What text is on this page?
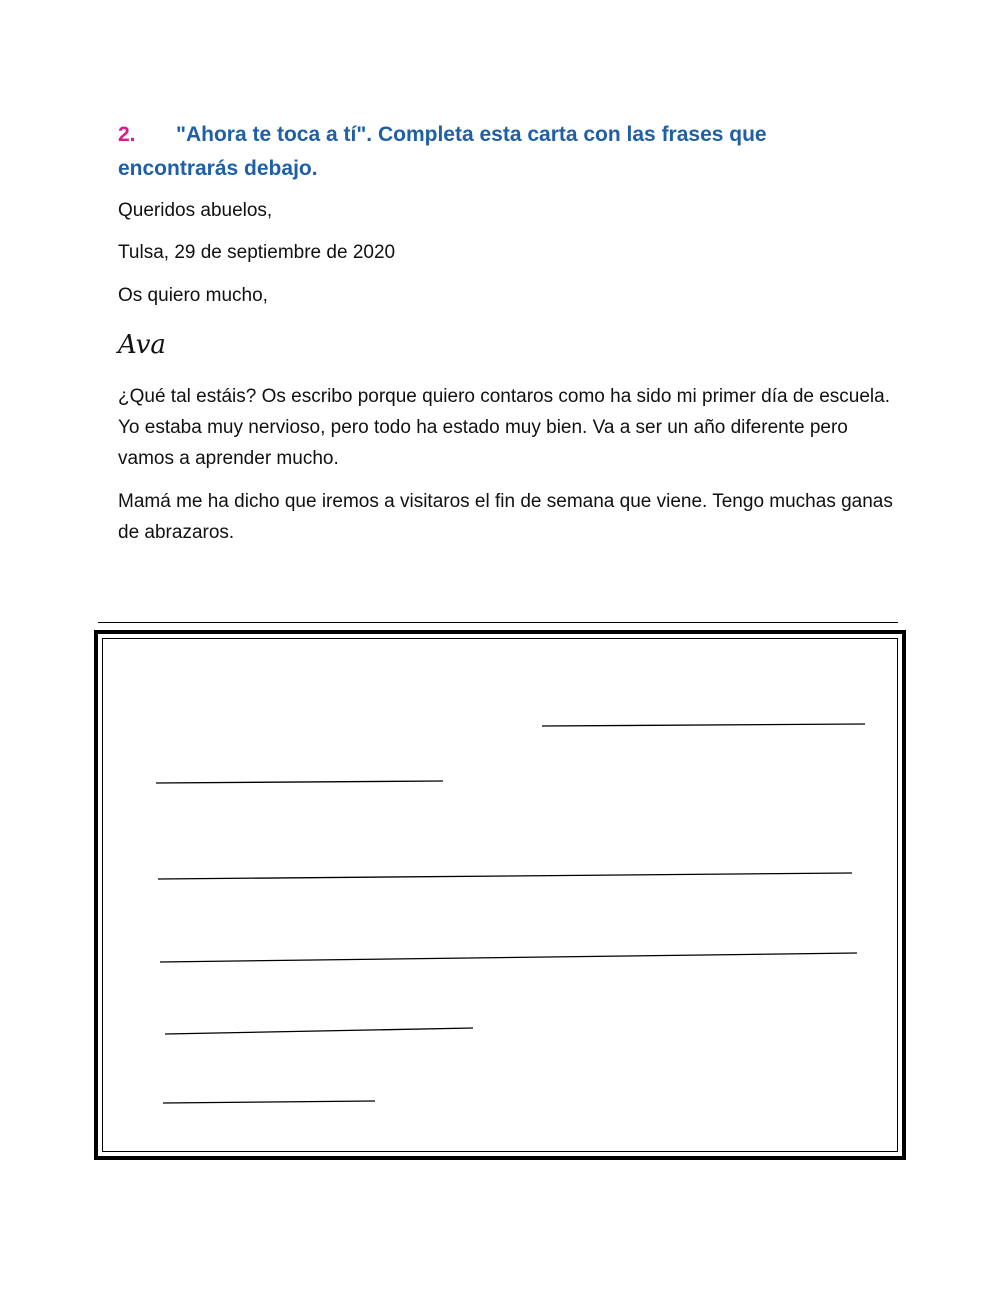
2. "Ahora te toca a tí". Completa esta carta con las frases que encontrarás debajo.
Queridos abuelos,
Tulsa, 29 de septiembre de 2020
Os quiero mucho,
Ava
¿Qué tal estáis? Os escribo porque quiero contaros como ha sido mi primer día de escuela. Yo estaba muy nervioso, pero todo ha estado muy bien. Va a ser un año diferente pero vamos a aprender mucho.
Mamá me ha dicho que iremos a visitaros el fin de semana que viene. Tengo muchas ganas de abrazaros.
